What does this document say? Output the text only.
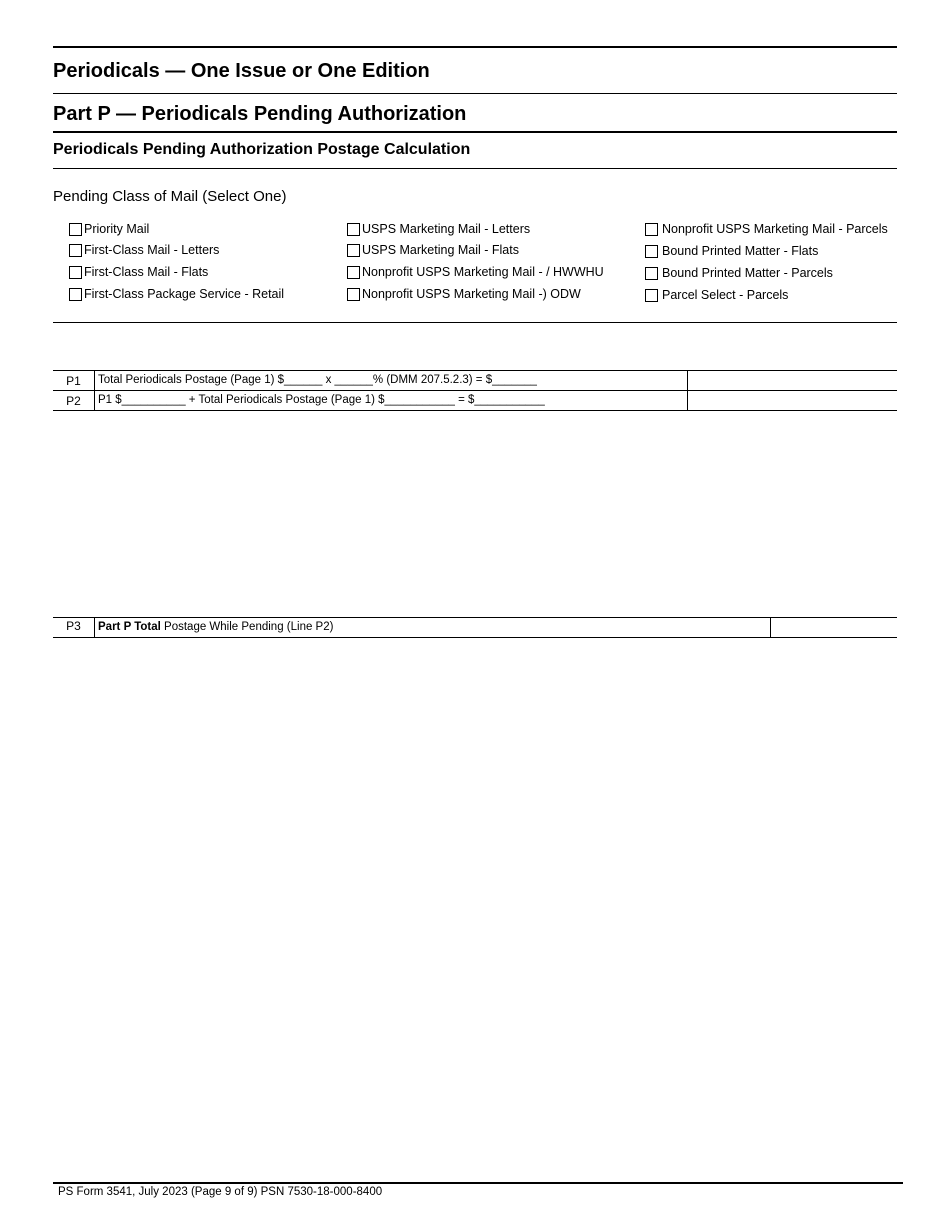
Periodicals — One Issue or One Edition
Part P — Periodicals Pending Authorization
Periodicals Pending Authorization Postage Calculation
Pending Class of Mail (Select One)
Priority Mail
First-Class Mail - Letters
First-Class Mail - Flats
First-Class Package Service - Retail
USPS Marketing Mail - Letters
USPS Marketing Mail - Flats
Nonprofit USPS Marketing Mail - / HWWHU
Nonprofit USPS Marketing Mail -) ODW
Nonprofit USPS Marketing Mail - Parcels
Bound Printed Matter - Flats
Bound Printed Matter - Parcels
Parcel Select - Parcels
P1	Total Periodicals Postage (Page 1) $______ x ______% (DMM 207.5.2.3) = $_______
P2	P1 $__________ + Total Periodicals Postage (Page 1) $___________ = $___________
P3	Part P Total Postage While Pending (Line P2)
PS Form 3541, July 2023 (Page 9 of 9) PSN 7530-18-000-8400
